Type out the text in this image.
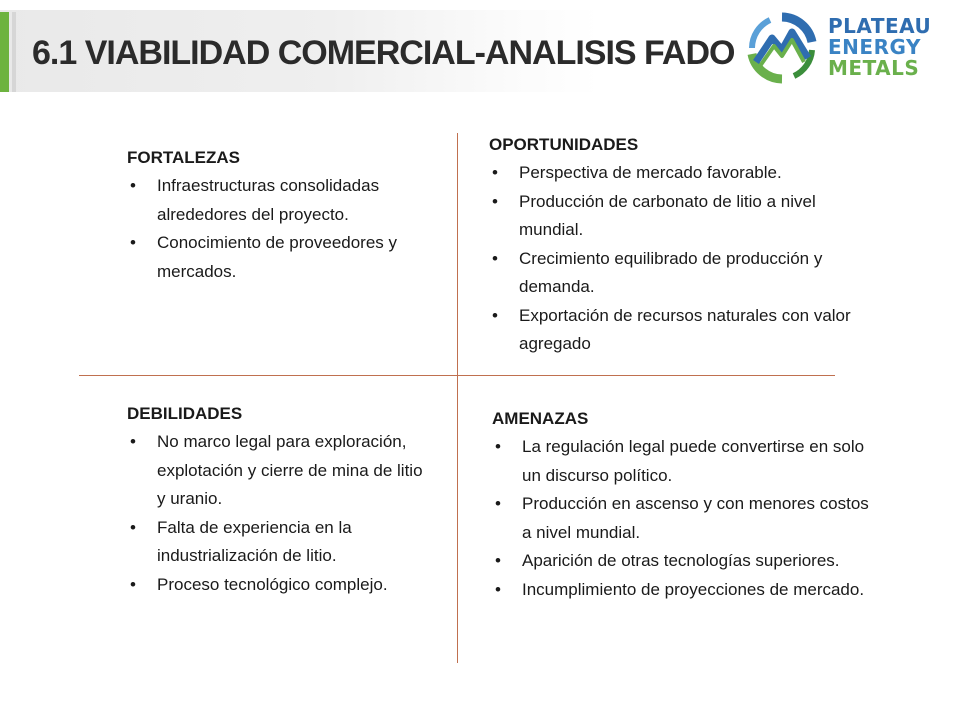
6.1 VIABILIDAD COMERCIAL-ANALISIS FADO
PLATEAU
ENERGY
METALS
FORTALEZAS
• Infraestructuras consolidadas alrededores del proyecto.
• Conocimiento de proveedores y mercados.
OPORTUNIDADES
• Perspectiva de mercado favorable.
• Producción de carbonato de litio a nivel mundial.
• Crecimiento equilibrado de producción y demanda.
• Exportación de recursos naturales con valor agregado
DEBILIDADES
• No marco legal para exploración, explotación y cierre de mina de litio y uranio.
• Falta de experiencia en la industrialización de litio.
• Proceso tecnológico complejo.
AMENAZAS
• La regulación legal puede convertirse en solo un discurso político.
• Producción en ascenso y con menores costos a nivel mundial.
• Aparición de otras tecnologías superiores.
• Incumplimiento de proyecciones de mercado.
